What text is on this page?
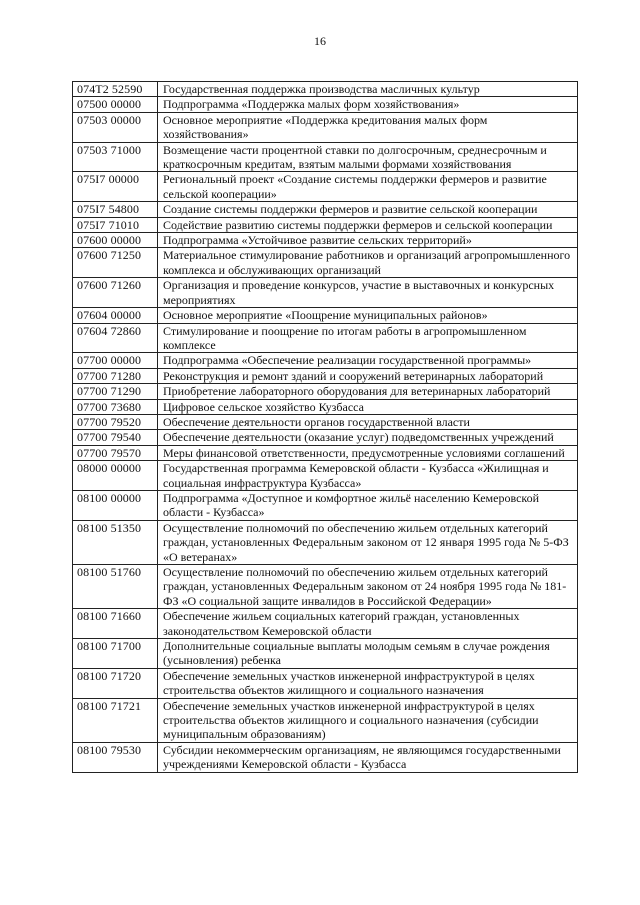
16
074T2 52590	Государственная поддержка производства масличных культур
07500 00000	Подпрограмма «Поддержка малых форм хозяйствования»
07503 00000	Основное мероприятие «Поддержка кредитования малых форм хозяйствования»
07503 71000	Возмещение части процентной ставки по долгосрочным, среднесрочным и краткосрочным кредитам, взятым малыми формами хозяйствования
075I7 00000	Региональный проект «Создание системы поддержки фермеров и развитие сельской кооперации»
075I7 54800	Создание системы поддержки фермеров и развитие сельской кооперации
075I7 71010	Содействие развитию системы поддержки фермеров и сельской кооперации
07600 00000	Подпрограмма «Устойчивое развитие сельских территорий»
07600 71250	Материальное стимулирование работников и организаций агропромышленного комплекса и обслуживающих организаций
07600 71260	Организация и проведение конкурсов, участие в выставочных и конкурсных мероприятиях
07604 00000	Основное мероприятие «Поощрение муниципальных районов»
07604 72860	Стимулирование и поощрение по итогам работы в агропромышленном комплексе
07700 00000	Подпрограмма «Обеспечение реализации государственной программы»
07700 71280	Реконструкция и ремонт зданий и сооружений ветеринарных лабораторий
07700 71290	Приобретение лабораторного оборудования для ветеринарных лабораторий
07700 73680	Цифровое сельское хозяйство Кузбасса
07700 79520	Обеспечение деятельности органов государственной власти
07700 79540	Обеспечение деятельности (оказание услуг) подведомственных учреждений
07700 79570	Меры финансовой ответственности, предусмотренные условиями соглашений
08000 00000	Государственная программа Кемеровской области - Кузбасса «Жилищная и социальная инфраструктура Кузбасса»
08100 00000	Подпрограмма «Доступное и комфортное жильё населению Кемеровской области - Кузбасса»
08100 51350	Осуществление полномочий по обеспечению жильем отдельных категорий граждан, установленных Федеральным законом от 12 января 1995 года № 5-ФЗ «О ветеранах»
08100 51760	Осуществление полномочий по обеспечению жильем отдельных категорий граждан, установленных Федеральным законом от 24 ноября 1995 года № 181-ФЗ «О социальной защите инвалидов в Российской Федерации»
08100 71660	Обеспечение жильем социальных категорий граждан, установленных законодательством Кемеровской области
08100 71700	Дополнительные социальные выплаты молодым семьям в случае рождения (усыновления) ребенка
08100 71720	Обеспечение земельных участков инженерной инфраструктурой в целях строительства объектов жилищного и социального назначения
08100 71721	Обеспечение земельных участков инженерной инфраструктурой в целях строительства объектов жилищного и социального назначения (субсидии муниципальным образованиям)
08100 79530	Субсидии некоммерческим организациям, не являющимся государственными учреждениями Кемеровской области - Кузбасса
